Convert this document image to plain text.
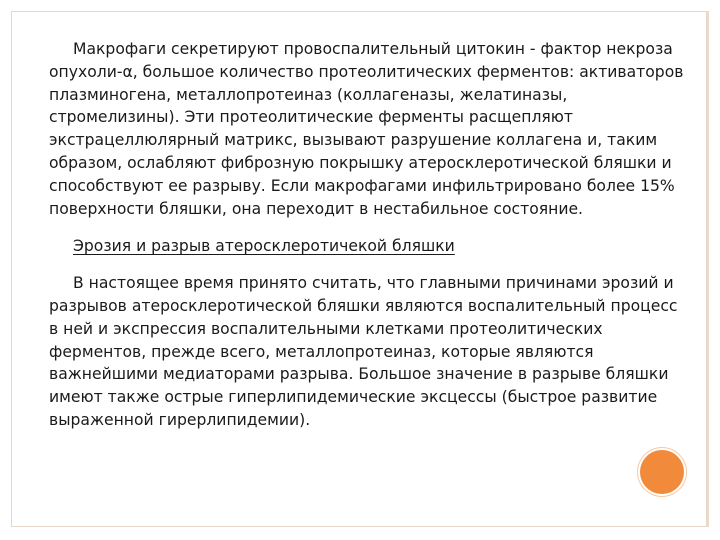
Макрофаги секретируют провоспалительный цитокин - фактор некроза опухоли-α, большое количество протеолитических ферментов: активаторов плазминогена, металлопротеиназ (коллагеназы, желатиназы, стромелизины). Эти протеолитические ферменты расщепляют экстрацеллюлярный матрикс, вызывают разрушение коллагена и, таким образом, ослабляют фиброзную покрышку атеросклеротической бляшки и способствуют ее разрыву. Если макрофагами инфильтрировано более 15% поверхности бляшки, она переходит в нестабильное состояние.

Эрозия и разрыв атеросклеротичекой бляшки

В настоящее время принято считать, что главными причинами эрозий и разрывов атеросклеротической бляшки являются воспалительный процесс в ней и экспрессия воспалительными клетками протеолитических ферментов, прежде всего, металлопротеиназ, которые являются важнейшими медиаторами разрыва. Большое значение в разрыве бляшки имеют также острые гиперлипидемические эксцессы (быстрое развитие выраженной гирерлипидемии).
